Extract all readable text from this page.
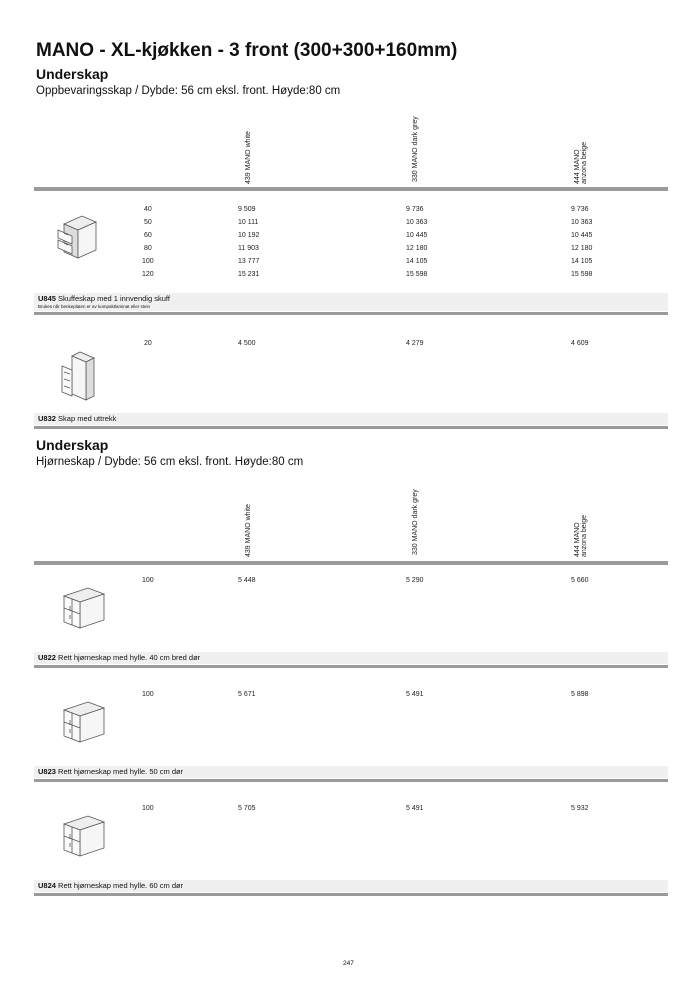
MANO - XL-kjøkken - 3 front (300+300+160mm)
Underskap
Oppbevaringsskap / Dybde: 56 cm eksl. front. Høyde:80 cm
439 MANO white	330 MANO dark grey	444 MANO
anzona beige
40	9 509	9 736	9 736
50	10 111	10 363	10 363
60	10 192	10 445	10 445
80	11 903	12 180	12 180
100	13 777	14 105	14 105
120	15 231	15 598	15 598
U845 Skuffeskap med 1 innvendig skuff
Brukes når benkeplaten er av kompaktlaminat eller stein
20	4 500	4 279	4 609
U832 Skap med uttrekk
Underskap
Hjørneskap / Dybde: 56 cm eksl. front. Høyde:80 cm
439 MANO white	330 MANO dark grey	444 MANO
anzona beige
100	5 448	5 290	5 660
U822 Rett hjørneskap med hylle. 40 cm bred dør
100	5 671	5 491	5 898
U823 Rett hjørneskap med hylle. 50 cm dør
100	5 705	5 491	5 932
U824 Rett hjørneskap med hylle. 60 cm dør
247
